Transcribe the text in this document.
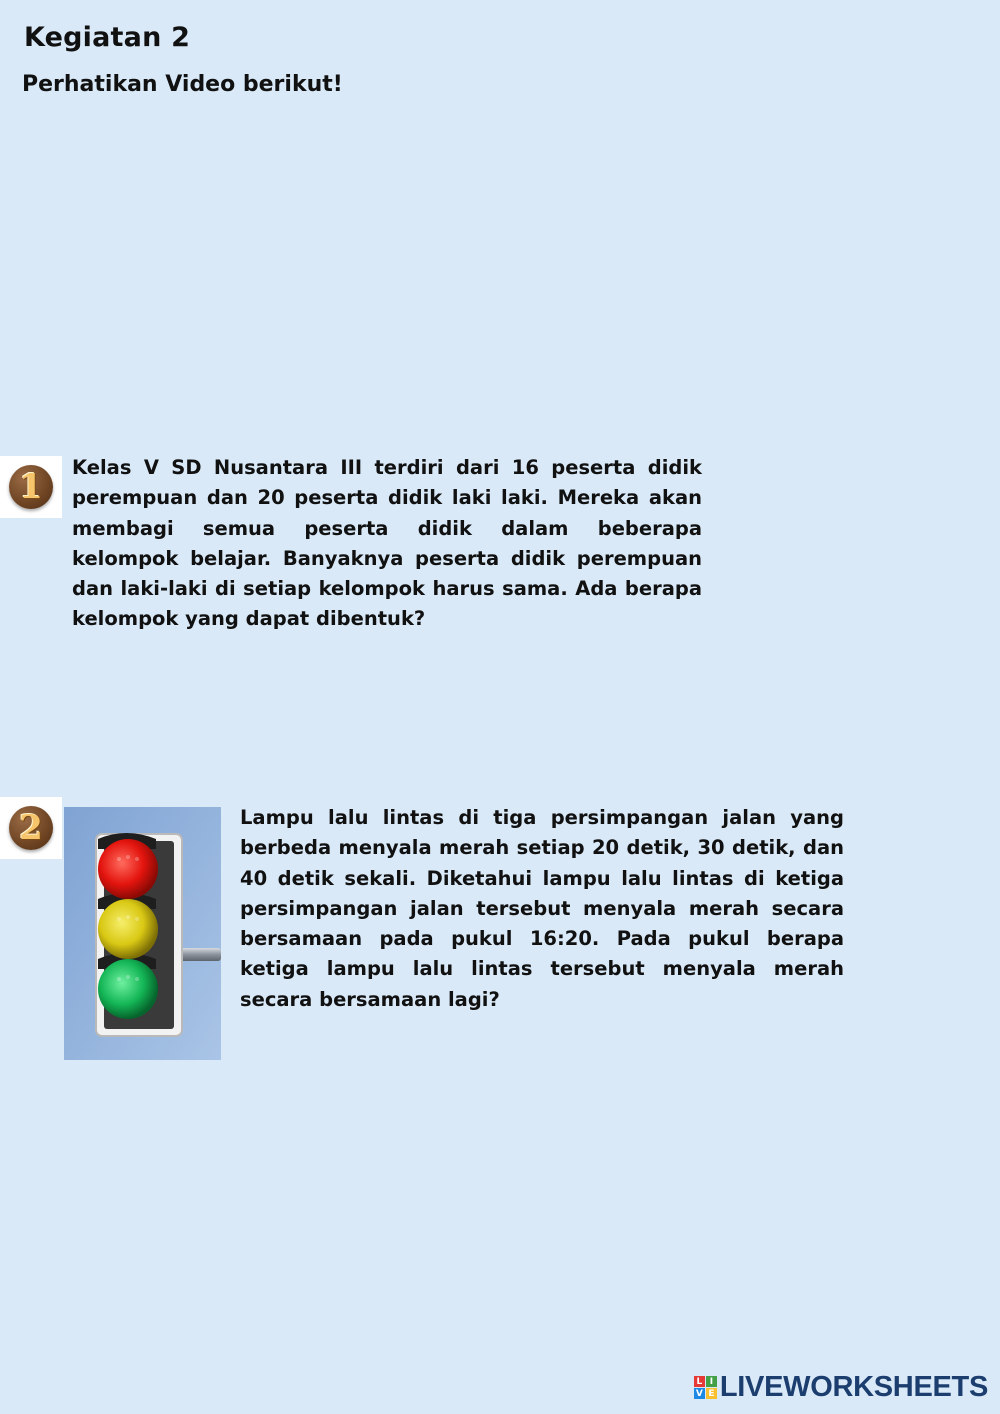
Kegiatan 2
Perhatikan Video berikut!
1 Kelas V SD Nusantara III terdiri dari 16 peserta didik perempuan dan 20 peserta didik laki laki. Mereka akan membagi semua peserta didik dalam beberapa kelompok belajar. Banyaknya peserta didik perempuan dan laki-laki di setiap kelompok harus sama. Ada berapa kelompok yang dapat dibentuk?

2	Lampu lalu lintas di tiga persimpangan jalan yang berbeda menyala merah setiap 20 detik, 30 detik, dan 40 detik sekali. Diketahui lampu lalu lintas di ketiga persimpangan jalan tersebut menyala merah secara bersamaan pada pukul 16:20. Pada pukul berapa ketiga lampu lalu lintas tersebut menyala merah secara bersamaan lagi?

L I
V E LIVEWORKSHEETS
